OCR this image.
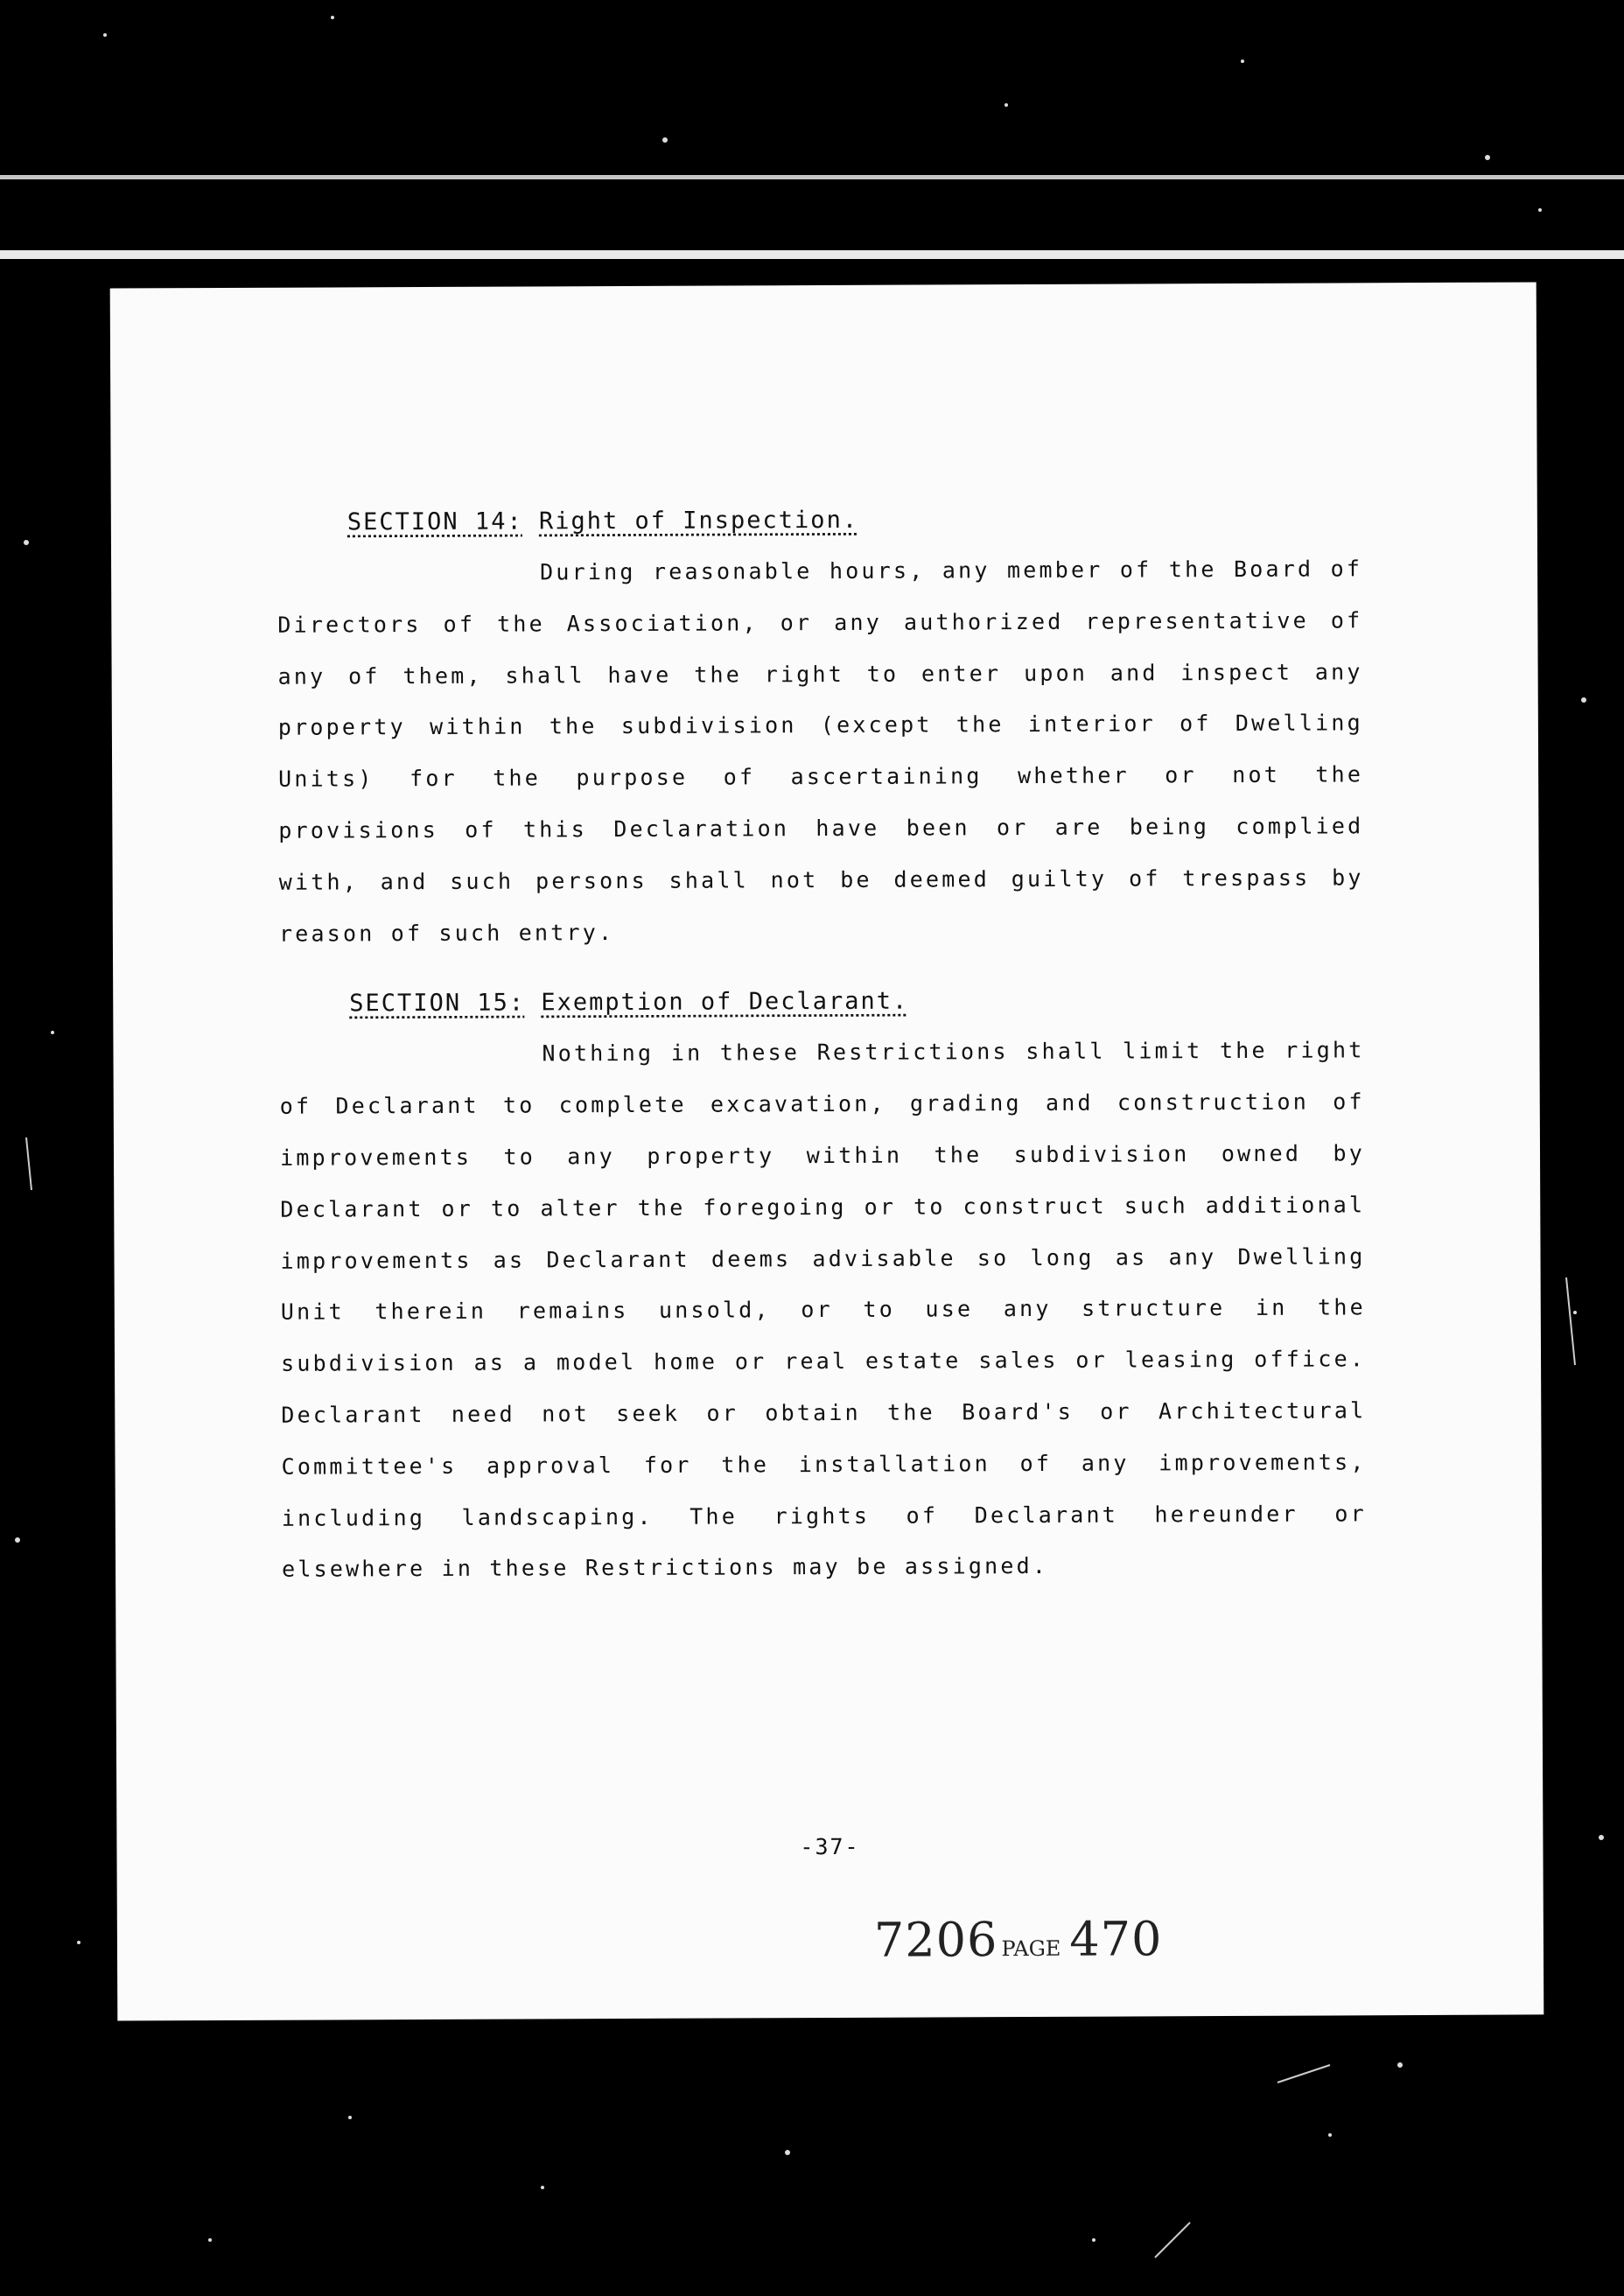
SECTION 14: Right of Inspection.

During reasonable hours, any member of the Board of Directors of the Association, or any authorized representative of any of them, shall have the right to enter upon and inspect any property within the subdivision (except the interior of Dwelling Units) for the purpose of ascertaining whether or not the provisions of this Declaration have been or are being complied with, and such persons shall not be deemed guilty of trespass by reason of such entry.

SECTION 15: Exemption of Declarant.

Nothing in these Restrictions shall limit the right of Declarant to complete excavation, grading and construction of improvements to any property within the subdivision owned by Declarant or to alter the foregoing or to construct such additional improvements as Declarant deems advisable so long as any Dwelling Unit therein remains unsold, or to use any structure in the subdivision as a model home or real estate sales or leasing office. Declarant need not seek or obtain the Board's or Architectural Committee's approval for the installation of any improvements, including landscaping. The rights of Declarant hereunder or elsewhere in these Restrictions may be assigned.

-37-
7206 PAGE 470
